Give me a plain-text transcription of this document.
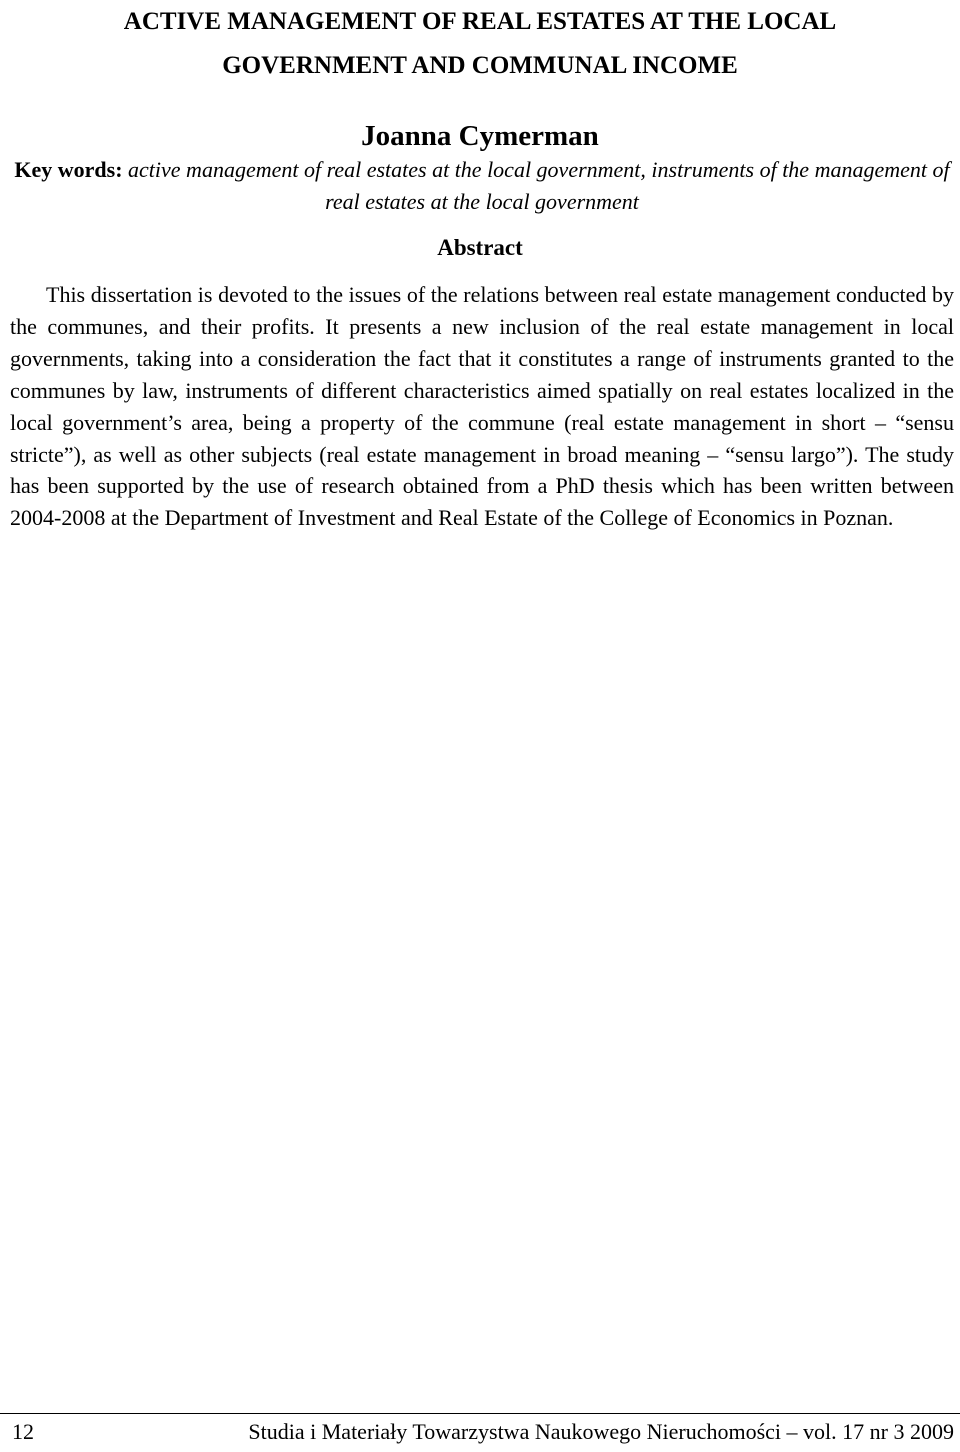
ACTIVE MANAGEMENT OF REAL ESTATES AT THE LOCAL
GOVERNMENT AND COMMUNAL INCOME

Joanna Cymerman

Key words: active management of real estates at the local government, instruments of the management of real estates at the local government

Abstract

This dissertation is devoted to the issues of the relations between real estate management conducted by the communes, and their profits. It presents a new inclusion of the real estate management in local governments, taking into a consideration the fact that it constitutes a range of instruments granted to the communes by law, instruments of different characteristics aimed spatially on real estates localized in the local government’s area, being a property of the commune (real estate management in short – “sensu stricte”), as well as other subjects (real estate management in broad meaning – “sensu largo”). The study has been supported by the use of research obtained from a PhD thesis which has been written between 2004-2008 at the Department of Investment and Real Estate of the College of Economics in Poznan.

12	Studia i Materiały Towarzystwa Naukowego Nieruchomości – vol. 17 nr 3 2009
